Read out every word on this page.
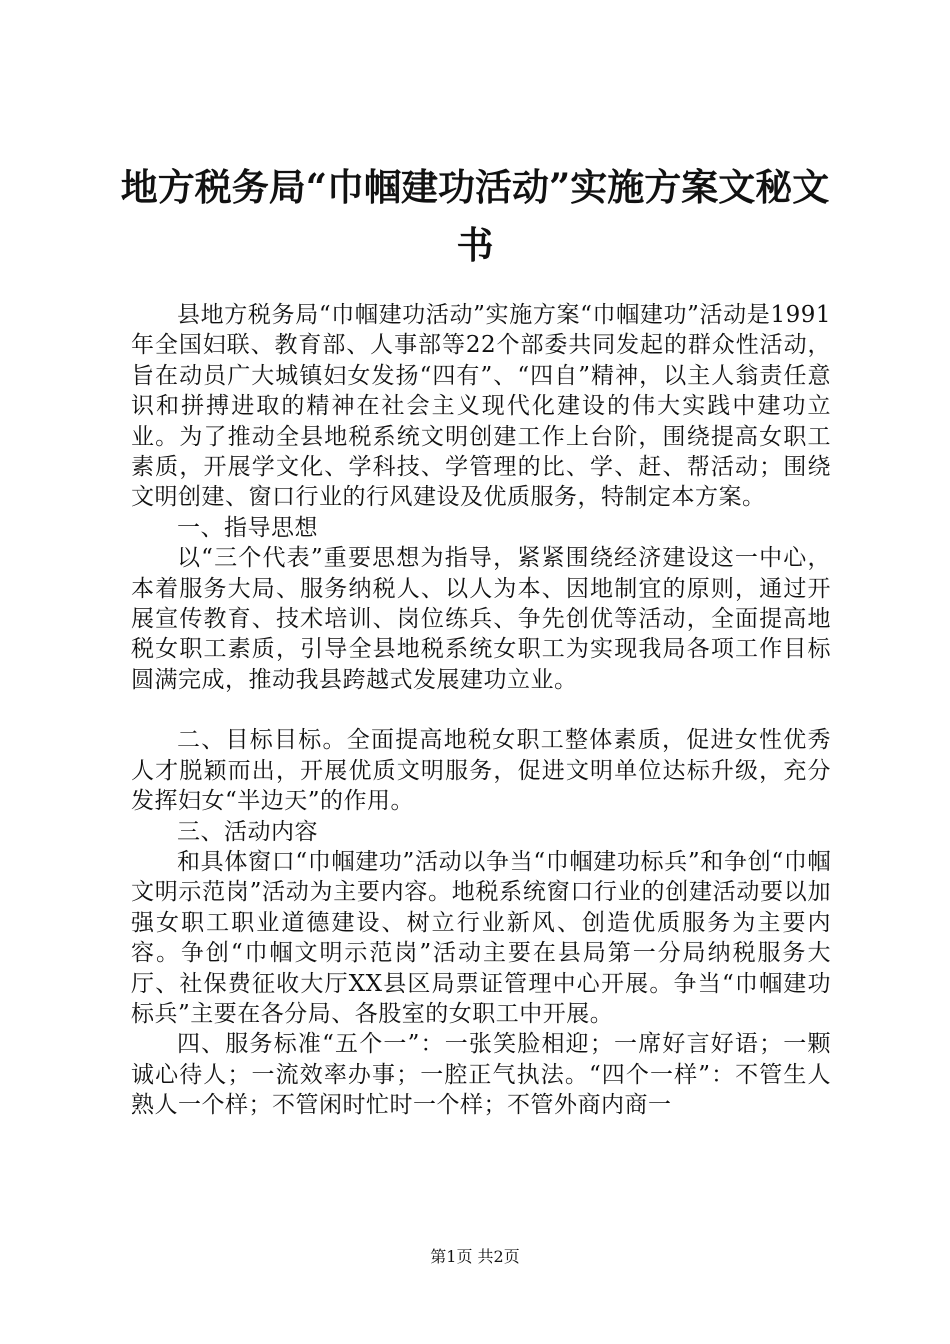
地方税务局“巾帼建功活动”实施方案文秘文书

县地方税务局“巾帼建功活动”实施方案“巾帼建功”活动是1991年全国妇联、教育部、人事部等22个部委共同发起的群众性活动，旨在动员广大城镇妇女发扬“四有”、“四自”精神，以主人翁责任意识和拼搏进取的精神在社会主义现代化建设的伟大实践中建功立业。为了推动全县地税系统文明创建工作上台阶，围绕提高女职工素质，开展学文化、学科技、学管理的比、学、赶、帮活动；围绕文明创建、窗口行业的行风建设及优质服务，特制定本方案。

一、指导思想

以“三个代表”重要思想为指导，紧紧围绕经济建设这一中心，本着服务大局、服务纳税人、以人为本、因地制宜的原则，通过开展宣传教育、技术培训、岗位练兵、争先创优等活动，全面提高地税女职工素质，引导全县地税系统女职工为实现我局各项工作目标圆满完成，推动我县跨越式发展建功立业。

二、目标目标。全面提高地税女职工整体素质，促进女性优秀人才脱颖而出，开展优质文明服务，促进文明单位达标升级，充分发挥妇女“半边天”的作用。

三、活动内容

和具体窗口“巾帼建功”活动以争当“巾帼建功标兵”和争创“巾帼文明示范岗”活动为主要内容。地税系统窗口行业的创建活动要以加强女职工职业道德建设、树立行业新风、创造优质服务为主要内容。争创“巾帼文明示范岗”活动主要在县局第一分局纳税服务大厅、社保费征收大厅XX县区局票证管理中心开展。争当“巾帼建功标兵”主要在各分局、各股室的女职工中开展。

四、服务标准“五个一”：一张笑脸相迎；一席好言好语；一颗诚心待人；一流效率办事；一腔正气执法。“四个一样”：不管生人熟人一个样；不管闲时忙时一个样；不管外商内商一

第1页 共2页
